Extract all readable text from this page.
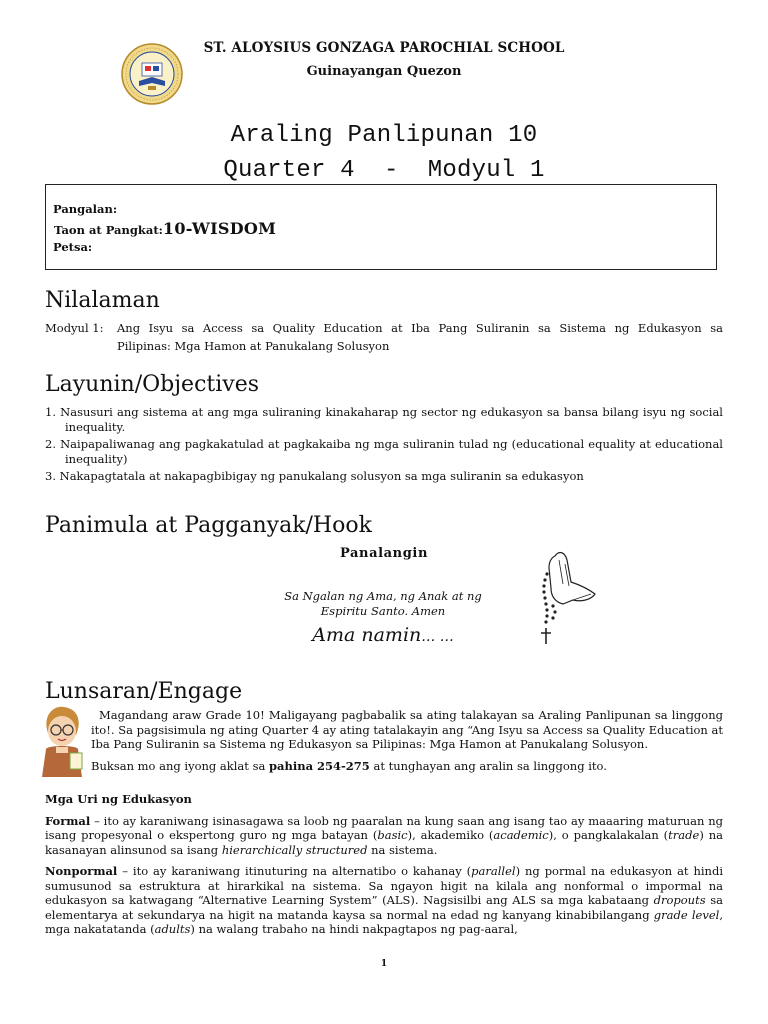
ST. ALOYSIUS GONZAGA PAROCHIAL SCHOOL
Guinayangan Quezon
Araling Panlipunan 10
Quarter 4  -  Modyul 1
Pangalan:
Taon at Pangkat:10-WISDOM
Petsa:
Nilalaman
Modyul 1:	Ang Isyu sa Access sa Quality Education at Iba Pang Suliranin sa Sistema ng Edukasyon sa
Pilipinas: Mga Hamon at Panukalang Solusyon
Layunin/Objectives
1. Nasusuri ang sistema at ang mga suliraning kinakaharap ng sector ng edukasyon sa bansa bilang isyu ng social inequality.
2. Naipapaliwanag ang pagkakatulad at pagkakaiba ng mga suliranin tulad ng (educational equality at educational inequality)
3. Nakapagtatala at nakapagbibigay ng panukalang solusyon sa mga suliranin sa edukasyon
Panimula at Pagganyak/Hook
Panalangin
Sa Ngalan ng Ama, ng Anak at ng
Espiritu Santo. Amen
Ama namin… …
Lunsaran/Engage
Magandang araw Grade 10! Maligayang pagbabalik sa ating talakayan sa Araling Panlipunan sa linggong ito!. Sa pagsisimula ng ating Quarter 4 ay ating tatalakayin ang “Ang Isyu sa Access sa Quality Education at Iba Pang Suliranin sa Sistema ng Edukasyon sa Pilipinas: Mga Hamon at Panukalang Solusyon.
Buksan mo ang iyong aklat sa pahina 254-275 at tunghayan ang aralin sa linggong ito.
Mga Uri ng Edukasyon
Formal – ito ay karaniwang isinasagawa sa loob ng paaralan na kung saan ang isang tao ay maaaring maturuan ng isang propesyonal o ekspertong guro ng mga batayan (basic), akademiko (academic), o pangkalakalan (trade) na kasanayan alinsunod sa isang hierarchically structured na sistema.
Nonpormal – ito ay karaniwang itinuturing na alternatibo o kahanay (parallel) ng pormal na edukasyon at hindi sumusunod sa estruktura at hirarkikal na sistema. Sa ngayon higit na kilala ang nonformal o impormal na edukasyon sa katwagang “Alternative Learning System” (ALS). Nagsisilbi ang ALS sa mga kabataang dropouts sa elementarya at sekundarya na higit na matanda kaysa sa normal na edad ng kanyang kinabibilangang grade level, mga nakatatanda (adults) na walang trabaho na hindi nakpagtapos ng pag-aaral,
1
